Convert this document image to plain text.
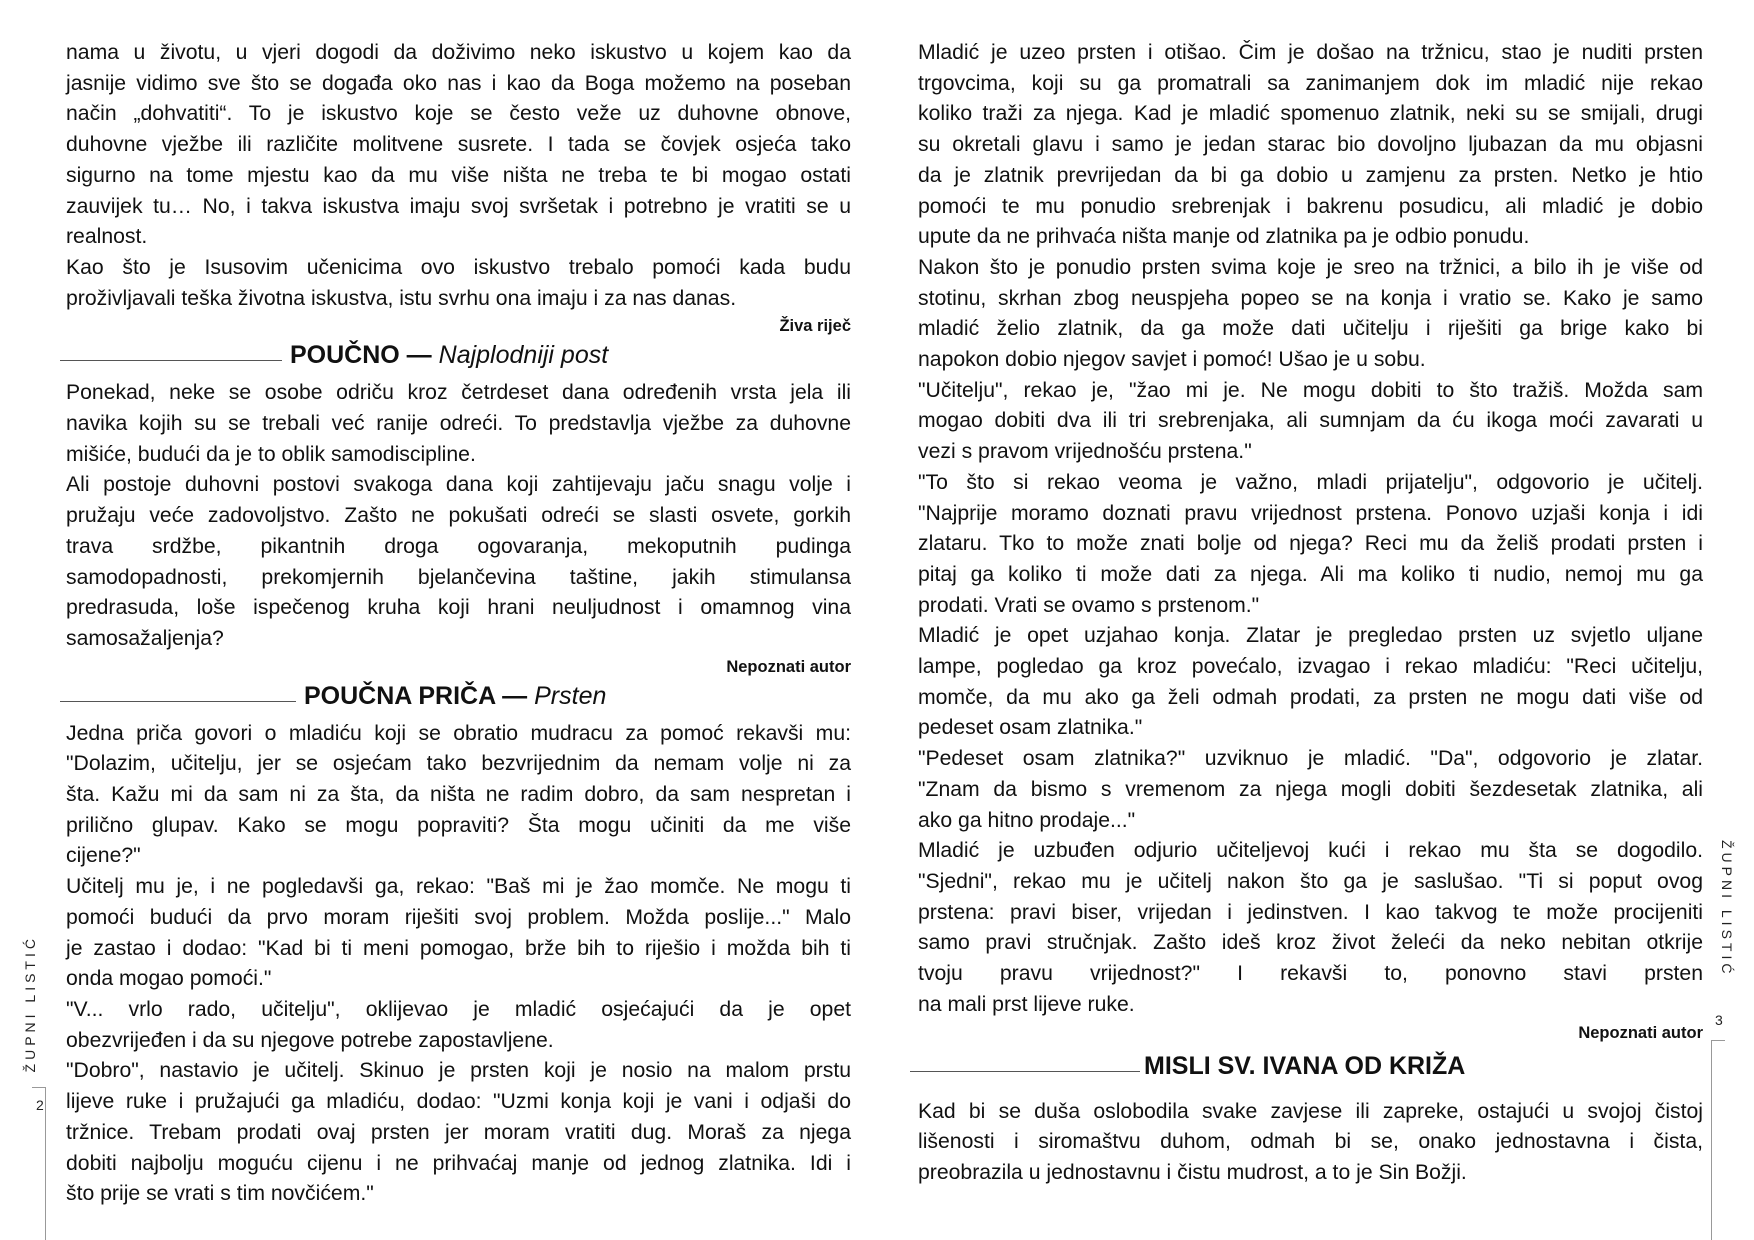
ŽUPNI LISTIĆ
2
ŽUPNI LISTIĆ
3
nama u životu, u vjeri dogodi da doživimo neko iskustvo u kojem kao da
jasnije vidimo sve što se događa oko nas i kao da Boga možemo na poseban
način „dohvatiti“. To je iskustvo koje se često veže uz duhovne obnove,
duhovne vježbe ili različite molitvene susrete. I tada se čovjek osjeća tako
sigurno na tome mjestu kao da mu više ništa ne treba te bi mogao ostati
zauvijek tu… No, i takva iskustva imaju svoj svršetak i potrebno je vratiti se u
realnost.
Kao što je Isusovim učenicima ovo iskustvo trebalo pomoći kada budu
proživljavali teška životna iskustva, istu svrhu ona imaju i za nas danas.
Živa riječ
POUČNO — Najplodniji post
Ponekad, neke se osobe odriču kroz četrdeset dana određenih vrsta jela ili
navika kojih su se trebali već ranije odreći. To predstavlja vježbe za duhovne
mišiće, budući da je to oblik samodiscipline.
Ali postoje duhovni postovi svakoga dana koji zahtijevaju jaču snagu volje i
pružaju veće zadovoljstvo. Zašto ne pokušati odreći se slasti osvete, gorkih
trava srdžbe, pikantnih droga ogovaranja, mekoputnih pudinga
samodopadnosti, prekomjernih bjelančevina taštine, jakih stimulansa
predrasuda, loše ispečenog kruha koji hrani neuljudnost i omamnog vina
samosažaljenja?
Nepoznati autor
POUČNA PRIČA — Prsten
Jedna priča govori o mladiću koji se obratio mudracu za pomoć rekavši mu:
"Dolazim, učitelju, jer se osjećam tako bezvrijednim da nemam volje ni za
šta. Kažu mi da sam ni za šta, da ništa ne radim dobro, da sam nespretan i
prilično glupav. Kako se mogu popraviti? Šta mogu učiniti da me više
cijene?"
Učitelj mu je, i ne pogledavši ga, rekao: "Baš mi je žao momče. Ne mogu ti
pomoći budući da prvo moram riješiti svoj problem. Možda poslije..." Malo
je zastao i dodao: "Kad bi ti meni pomogao, brže bih to riješio i možda bih ti
onda mogao pomoći."
"V... vrlo rado, učitelju", oklijevao je mladić osjećajući da je opet
obezvrijeđen i da su njegove potrebe zapostavljene.
"Dobro", nastavio je učitelj. Skinuo je prsten koji je nosio na malom prstu
lijeve ruke i pružajući ga mladiću, dodao: "Uzmi konja koji je vani i odjaši do
tržnice. Trebam prodati ovaj prsten jer moram vratiti dug. Moraš za njega
dobiti najbolju moguću cijenu i ne prihvaćaj manje od jednog zlatnika. Idi i
što prije se vrati s tim novčićem."
Mladić je uzeo prsten i otišao. Čim je došao na tržnicu, stao je nuditi prsten
trgovcima, koji su ga promatrali sa zanimanjem dok im mladić nije rekao
koliko traži za njega. Kad je mladić spomenuo zlatnik, neki su se smijali, drugi
su okretali glavu i samo je jedan starac bio dovoljno ljubazan da mu objasni
da je zlatnik prevrijedan da bi ga dobio u zamjenu za prsten. Netko je htio
pomoći te mu ponudio srebrenjak i bakrenu posudicu, ali mladić je dobio
upute da ne prihvaća ništa manje od zlatnika pa je odbio ponudu.
Nakon što je ponudio prsten svima koje je sreo na tržnici, a bilo ih je više od
stotinu, skrhan zbog neuspjeha popeo se na konja i vratio se. Kako je samo
mladić želio zlatnik, da ga može dati učitelju i riješiti ga brige kako bi
napokon dobio njegov savjet i pomoć! Ušao je u sobu.
"Učitelju", rekao je, "žao mi je. Ne mogu dobiti to što tražiš. Možda sam
mogao dobiti dva ili tri srebrenjaka, ali sumnjam da ću ikoga moći zavarati u
vezi s pravom vrijednošću prstena."
"To što si rekao veoma je važno, mladi prijatelju", odgovorio je učitelj.
"Najprije moramo doznati pravu vrijednost prstena. Ponovo uzjaši konja i idi
zlataru. Tko to može znati bolje od njega? Reci mu da želiš prodati prsten i
pitaj ga koliko ti može dati za njega. Ali ma koliko ti nudio, nemoj mu ga
prodati. Vrati se ovamo s prstenom."
Mladić je opet uzjahao konja. Zlatar je pregledao prsten uz svjetlo uljane
lampe, pogledao ga kroz povećalo, izvagao i rekao mladiću: "Reci učitelju,
momče, da mu ako ga želi odmah prodati, za prsten ne mogu dati više od
pedeset osam zlatnika."
"Pedeset osam zlatnika?" uzviknuo je mladić. "Da", odgovorio je zlatar.
"Znam da bismo s vremenom za njega mogli dobiti šezdesetak zlatnika, ali
ako ga hitno prodaje..."
Mladić je uzbuđen odjurio učiteljevoj kući i rekao mu šta se dogodilo.
"Sjedni", rekao mu je učitelj nakon što ga je saslušao. "Ti si poput ovog
prstena: pravi biser, vrijedan i jedinstven. I kao takvog te može procijeniti
samo pravi stručnjak. Zašto ideš kroz život želeći da neko nebitan otkrije
tvoju pravu vrijednost?" I rekavši to, ponovno stavi prsten
na mali prst lijeve ruke.
Nepoznati autor
MISLI SV. IVANA OD KRIŽA
Kad bi se duša oslobodila svake zavjese ili zapreke, ostajući u svojoj čistoj
lišenosti i siromaštvu duhom, odmah bi se, onako jednostavna i čista,
preobrazila u jednostavnu i čistu mudrost, a to je Sin Božji.
